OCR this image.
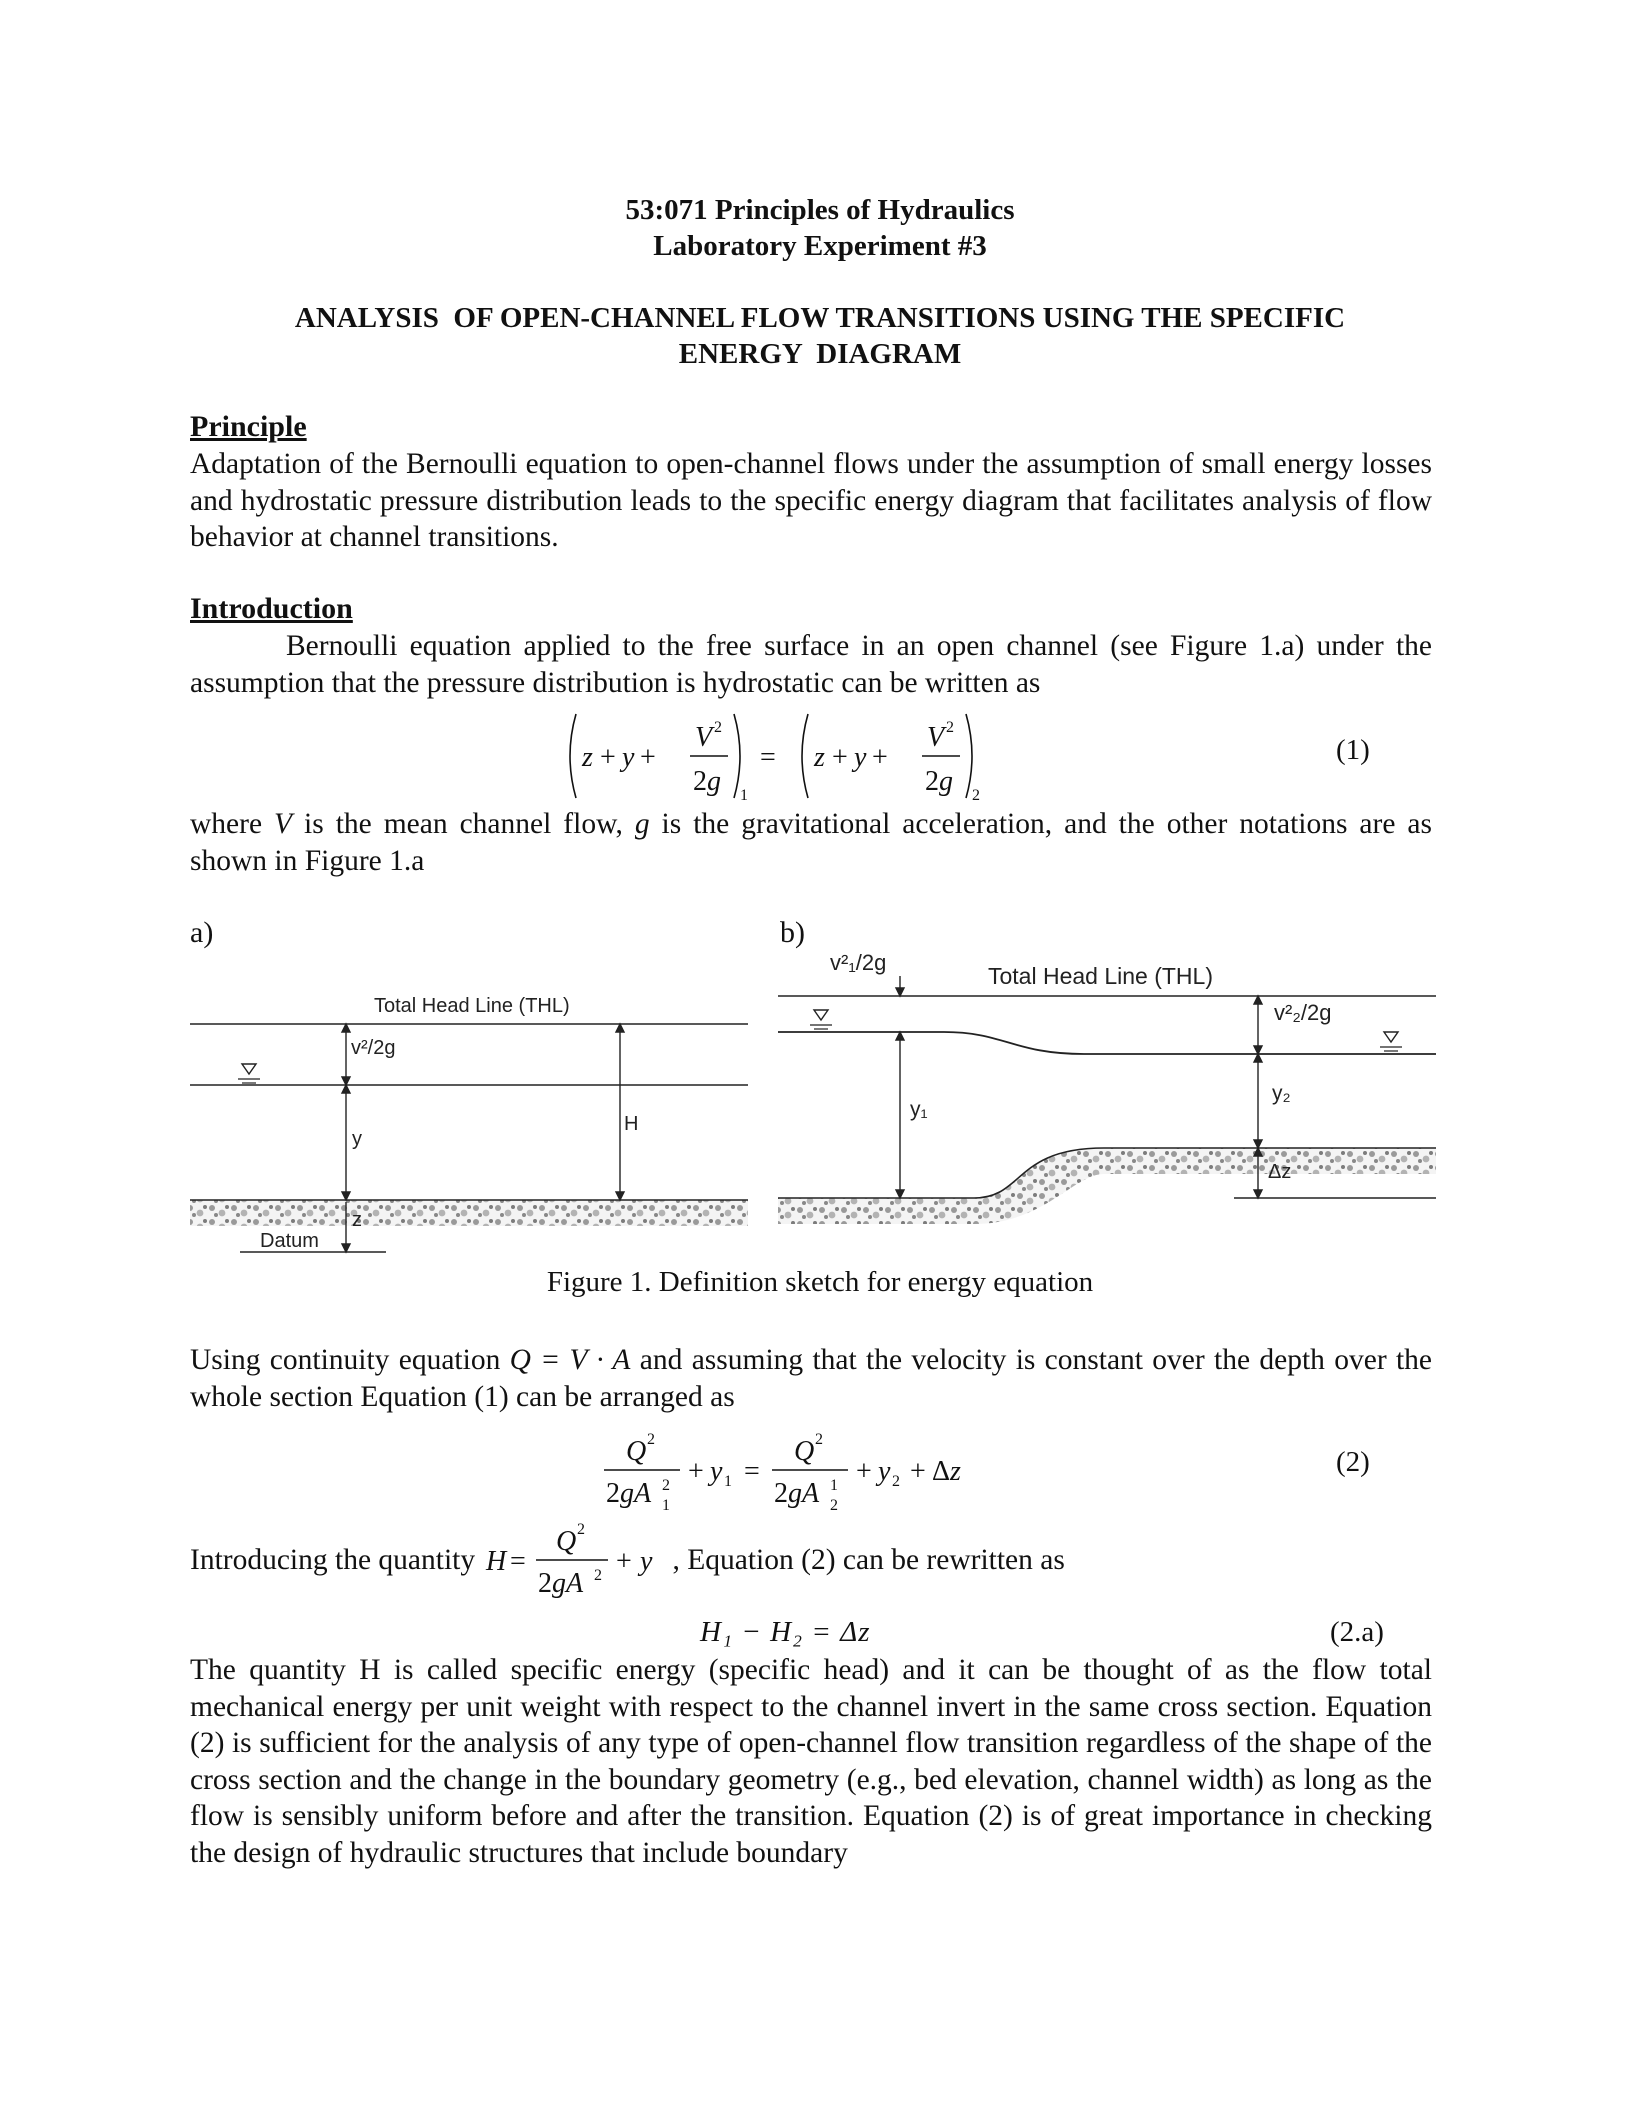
53:071 Principles of Hydraulics
Laboratory Experiment #3
ANALYSIS  OF OPEN-CHANNEL FLOW TRANSITIONS USING THE SPECIFIC
ENERGY  DIAGRAM
Principle
Adaptation of the Bernoulli equation to open-channel flows under the assumption of small energy losses and hydrostatic pressure distribution leads to the specific energy diagram that facilitates analysis of flow behavior at channel transitions.
Introduction
Bernoulli equation applied to the free surface in an open channel (see Figure 1.a) under the assumption that the pressure distribution is hydrostatic can be written as
z + y +
V 2
2g 1
= z + y +
V 2
2g 2
(1)
where V is the mean channel flow, g is the gravitational acceleration, and the other notations are as shown in Figure 1.a
a)	b)
Total Head Line (THL)
v²/2g
y
H
z
Datum
v²₁/2g
Total Head Line (THL)
v²₂/2g
y₁
y₂
Δz
Figure 1. Definition sketch for energy equation
Using continuity equation Q = V · A and assuming that the velocity is constant over the depth over the whole section Equation (1) can be arranged as
Q 2
2gA 2
1
+ y 1 =
Q 2
2gA 1
2
+ y 2 + Δz	(2)
Introducing the quantity H =
Q 2
2gA 2 + y , Equation (2) can be rewritten as
H₁ − H₂ = Δz	(2.a)
The quantity H is called specific energy (specific head) and it can be thought of as the flow total mechanical energy per unit weight with respect to the channel invert in the same cross section. Equation (2) is sufficient for the analysis of any type of open-channel flow transition regardless of the shape of the cross section and the change in the boundary geometry (e.g., bed elevation, channel width) as long as the flow is sensibly uniform before and after the transition. Equation (2) is of great importance in checking the design of hydraulic structures that include boundary
